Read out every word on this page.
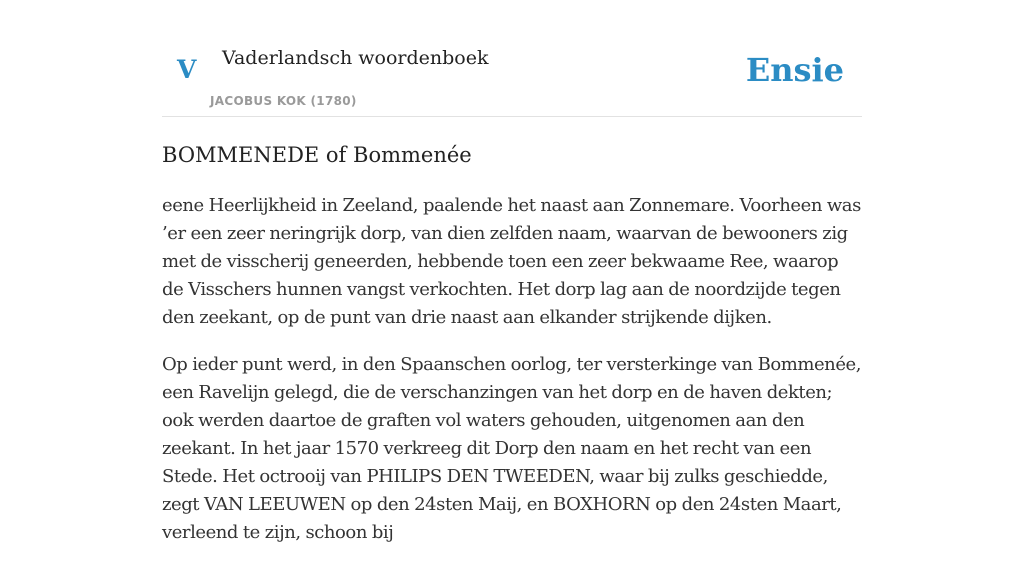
V Vaderlandsch woordenboek
JACOBUS KOK (1780)
Ensie
BOMMENEDE of Bommenée

eene Heerlijkheid in Zeeland, paalende het naast aan Zonnemare. Voorheen was ’er een zeer neringrijk dorp, van dien zelfden naam, waarvan de bewooners zig met de visscherij geneerden, hebbende toen een zeer bekwaame Ree, waarop de Visschers hunnen vangst verkochten. Het dorp lag aan de noordzijde tegen den zeekant, op de punt van drie naast aan elkander strijkende dijken.

Op ieder punt werd, in den Spaanschen oorlog, ter versterkinge van Bommenée, een Ravelijn gelegd, die de verschanzingen van het dorp en de haven dekten; ook werden daartoe de graften vol waters gehouden, uitgenomen aan den zeekant. In het jaar 1570 verkreeg dit Dorp den naam en het recht van een Stede. Het octrooij van PHILIPS DEN TWEEDEN, waar bij zulks geschiedde, zegt VAN LEEUWEN op den 24sten Maij, en BOXHORN op den 24sten Maart, verleend te zijn, schoon bij
